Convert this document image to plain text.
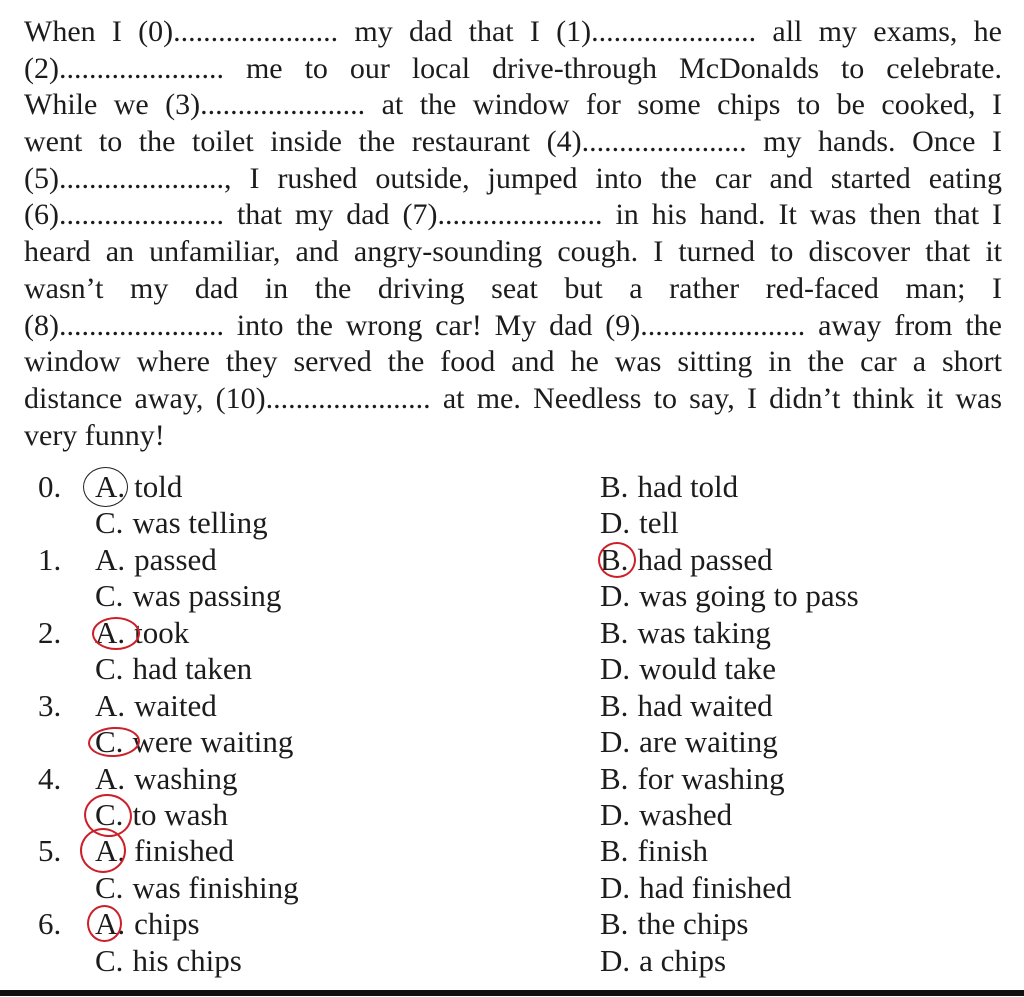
When I (0)...................... my dad that I (1)...................... all my exams, he
(2)...................... me to our local drive-through McDonalds to celebrate.
While we (3)...................... at the window for some chips to be cooked, I
went to the toilet inside the restaurant (4)...................... my hands. Once I
(5)......................, I rushed outside, jumped into the car and started eating
(6)...................... that my dad (7)...................... in his hand. It was then that I
heard an unfamiliar, and angry-sounding cough. I turned to discover that it
wasn’t my dad in the driving seat but a rather red-faced man; I
(8)...................... into the wrong car! My dad (9)...................... away from the
window where they served the food and he was sitting in the car a short
distance away, (10)...................... at me. Needless to say, I didn’t think it was
very funny!
0.	A. told	B. had told
C. was telling	D. tell
1.	A. passed	B. had passed
C. was passing	D. was going to pass
2.	A. took	B. was taking
C. had taken	D. would take
3.	A. waited	B. had waited
C. were waiting	D. are waiting
4.	A. washing	B. for washing
C. to wash	D. washed
5.	A. finished	B. finish
C. was finishing	D. had finished
6.	A. chips	B. the chips
C. his chips	D. a chips
